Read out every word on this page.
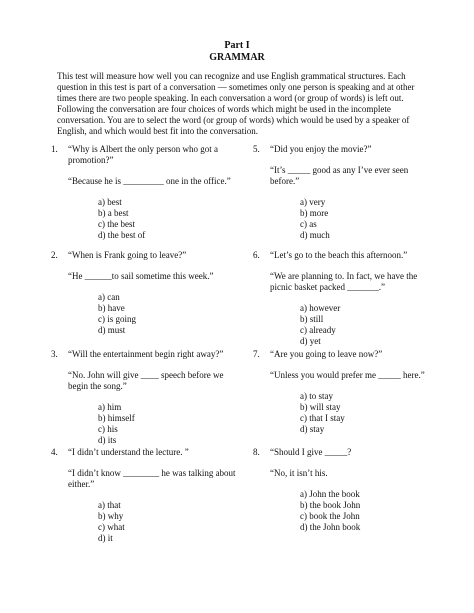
Part I
GRAMMAR
This test will measure how well you can recognize and use English grammatical structures. Each question in this test is part of a conversation — sometimes only one person is speaking and at other times there are two people speaking. In each conversation a word (or group of words) is left out. Following the conversation are four choices of words which might be used in the incomplete conversation. You are to select the word (or group of words) which would be used by a speaker of English, and which would best fit into the conversation.
1.	“Why is Albert the only person who got a promotion?”
“Because he is _________ one in the office.”
a) best
b) a best
c) the best
d) the best of
2.	“When is Frank going to leave?”
“He ______to sail sometime this week.”
a) can
b) have
c) is going
d) must
3.	“Will the entertainment begin right away?”
“No. John will give ____ speech before we begin the song.”
a) him
b) himself
c) his
d) its
4.	“I didn’t understand the lecture. ”
“I didn’t know ________ he was talking about either.”
a) that
b) why
c) what
d) it
5.	“Did you enjoy the movie?”
“It’s _____ good as any I’ve ever seen before.”
a) very
b) more
c) as
d) much
6.	“Let’s go to the beach this afternoon.”
“We are planning to. In fact, we have the picnic basket packed _______.”
a) however
b) still
c) already
d) yet
7.	“Are you going to leave now?”
“Unless you would prefer me _____ here.”
a) to stay
b) will stay
c) that I stay
d) stay
8.	“Should I give _____?
“No, it isn’t his.
a) John the book
b) the book John
c) book the John
d) the John book
